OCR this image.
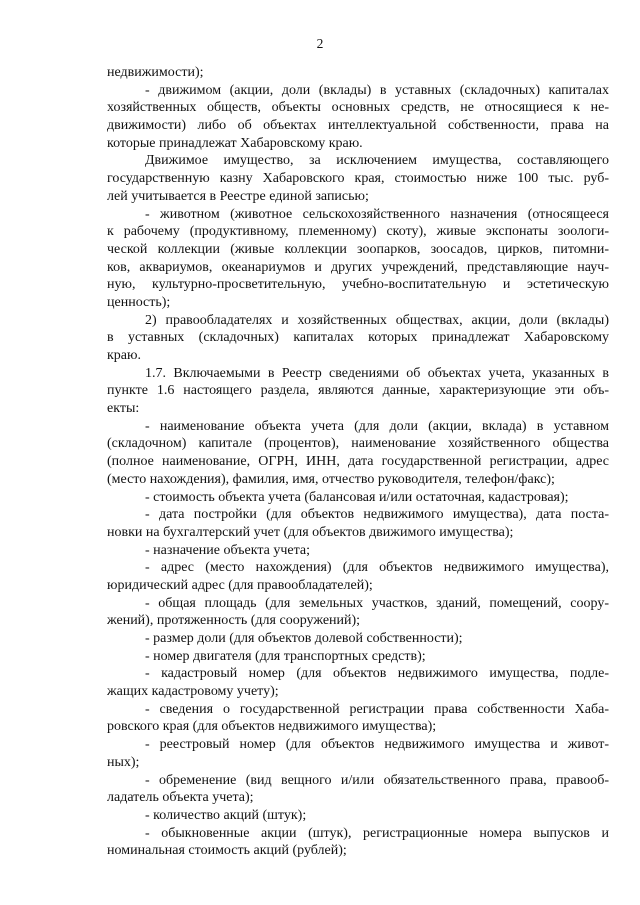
2
недвижимости);
- движимом (акции, доли (вклады) в уставных (складочных) капиталах
хозяйственных обществ, объекты основных средств, не относящиеся к не-
движимости) либо об объектах интеллектуальной собственности, права на
которые принадлежат Хабаровскому краю.
Движимое имущество, за исключением имущества, составляющего
государственную казну Хабаровского края, стоимостью ниже 100 тыс. руб-
лей учитывается в Реестре единой записью;
- животном (животное сельскохозяйственного назначения (относящееся
к рабочему (продуктивному, племенному) скоту), живые экспонаты зоологи-
ческой коллекции (живые коллекции зоопарков, зоосадов, цирков, питомни-
ков, аквариумов, океанариумов и других учреждений, представляющие науч-
ную, культурно-просветительную, учебно-воспитательную и эстетическую
ценность);
2) правообладателях и хозяйственных обществах, акции, доли (вклады)
в уставных (складочных) капиталах которых принадлежат Хабаровскому
краю.
1.7. Включаемыми в Реестр сведениями об объектах учета, указанных в
пункте 1.6 настоящего раздела, являются данные, характеризующие эти объ-
екты:
- наименование объекта учета (для доли (акции, вклада) в уставном
(складочном) капитале (процентов), наименование хозяйственного общества
(полное наименование, ОГРН, ИНН, дата государственной регистрации, адрес
(место нахождения), фамилия, имя, отчество руководителя, телефон/факс);
- стоимость объекта учета (балансовая и/или остаточная, кадастровая);
- дата постройки (для объектов недвижимого имущества), дата поста-
новки на бухгалтерский учет (для объектов движимого имущества);
- назначение объекта учета;
- адрес (место нахождения) (для объектов недвижимого имущества),
юридический адрес (для правообладателей);
- общая площадь (для земельных участков, зданий, помещений, соору-
жений), протяженность (для сооружений);
- размер доли (для объектов долевой собственности);
- номер двигателя (для транспортных средств);
- кадастровый номер (для объектов недвижимого имущества, подле-
жащих кадастровому учету);
- сведения о государственной регистрации права собственности Хаба-
ровского края (для объектов недвижимого имущества);
- реестровый номер (для объектов недвижимого имущества и живот-
ных);
- обременение (вид вещного и/или обязательственного права, правооб-
ладатель объекта учета);
- количество акций (штук);
- обыкновенные акции (штук), регистрационные номера выпусков и
номинальная стоимость акций (рублей);
